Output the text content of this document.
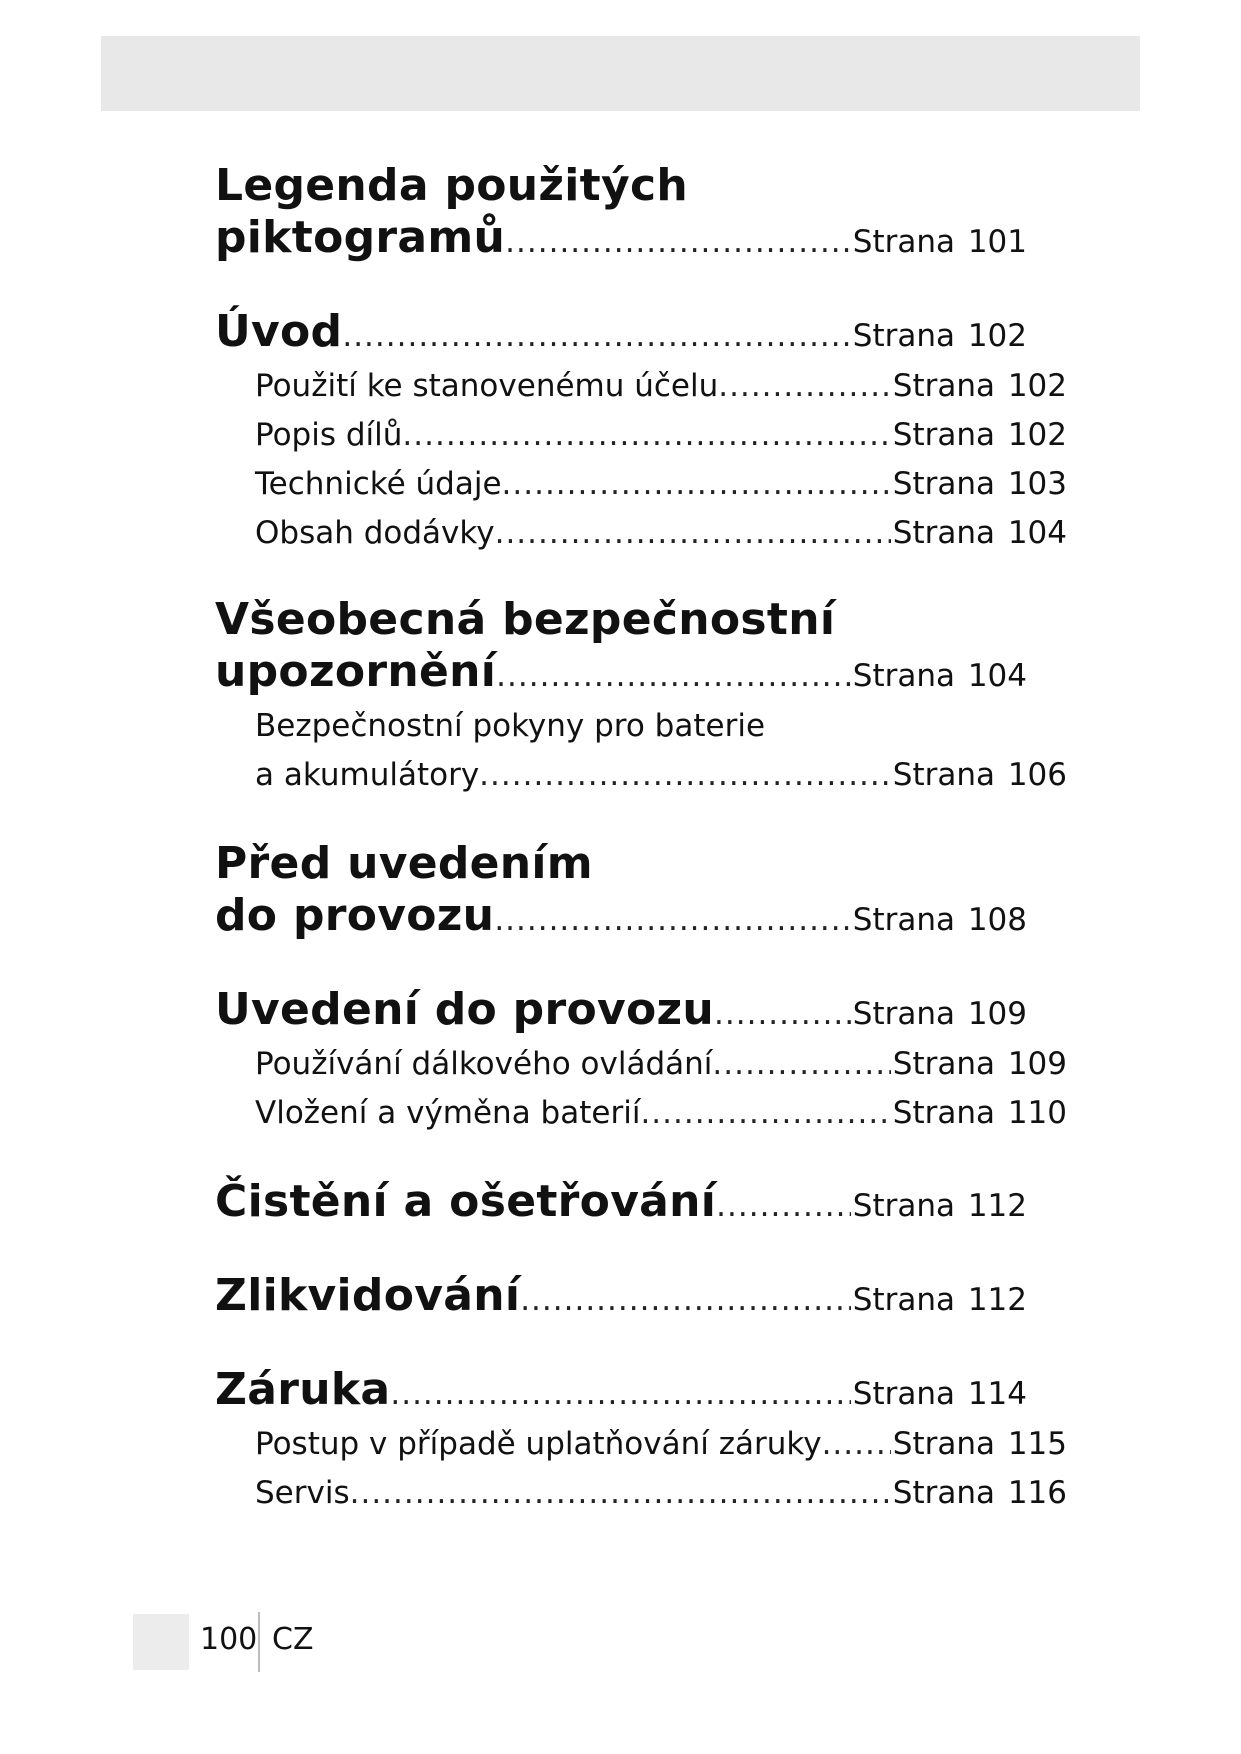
Legenda použitých
piktogramů .....	Strana 101
Úvod .....	Strana 102
Použití ke stanovenému účelu .....	Strana 102
Popis dílů .....	Strana 102
Technické údaje .....	Strana 103
Obsah dodávky .....	Strana 104
Všeobecná bezpečnostní
upozornění .....	Strana 104
Bezpečnostní pokyny pro baterie
a akumulátory .....	Strana 106
Před uvedením
do provozu .....	Strana 108
Uvedení do provozu .....	Strana 109
Používání dálkového ovládání .....	Strana 109
Vložení a výměna baterií .....	Strana 110
Čistění a ošetřování .....	Strana 112
Zlikvidování .....	Strana 112
Záruka .....	Strana 114
Postup v případě uplatňování záruky ..... Strana 115
Servis .....	Strana 116
100 CZ
